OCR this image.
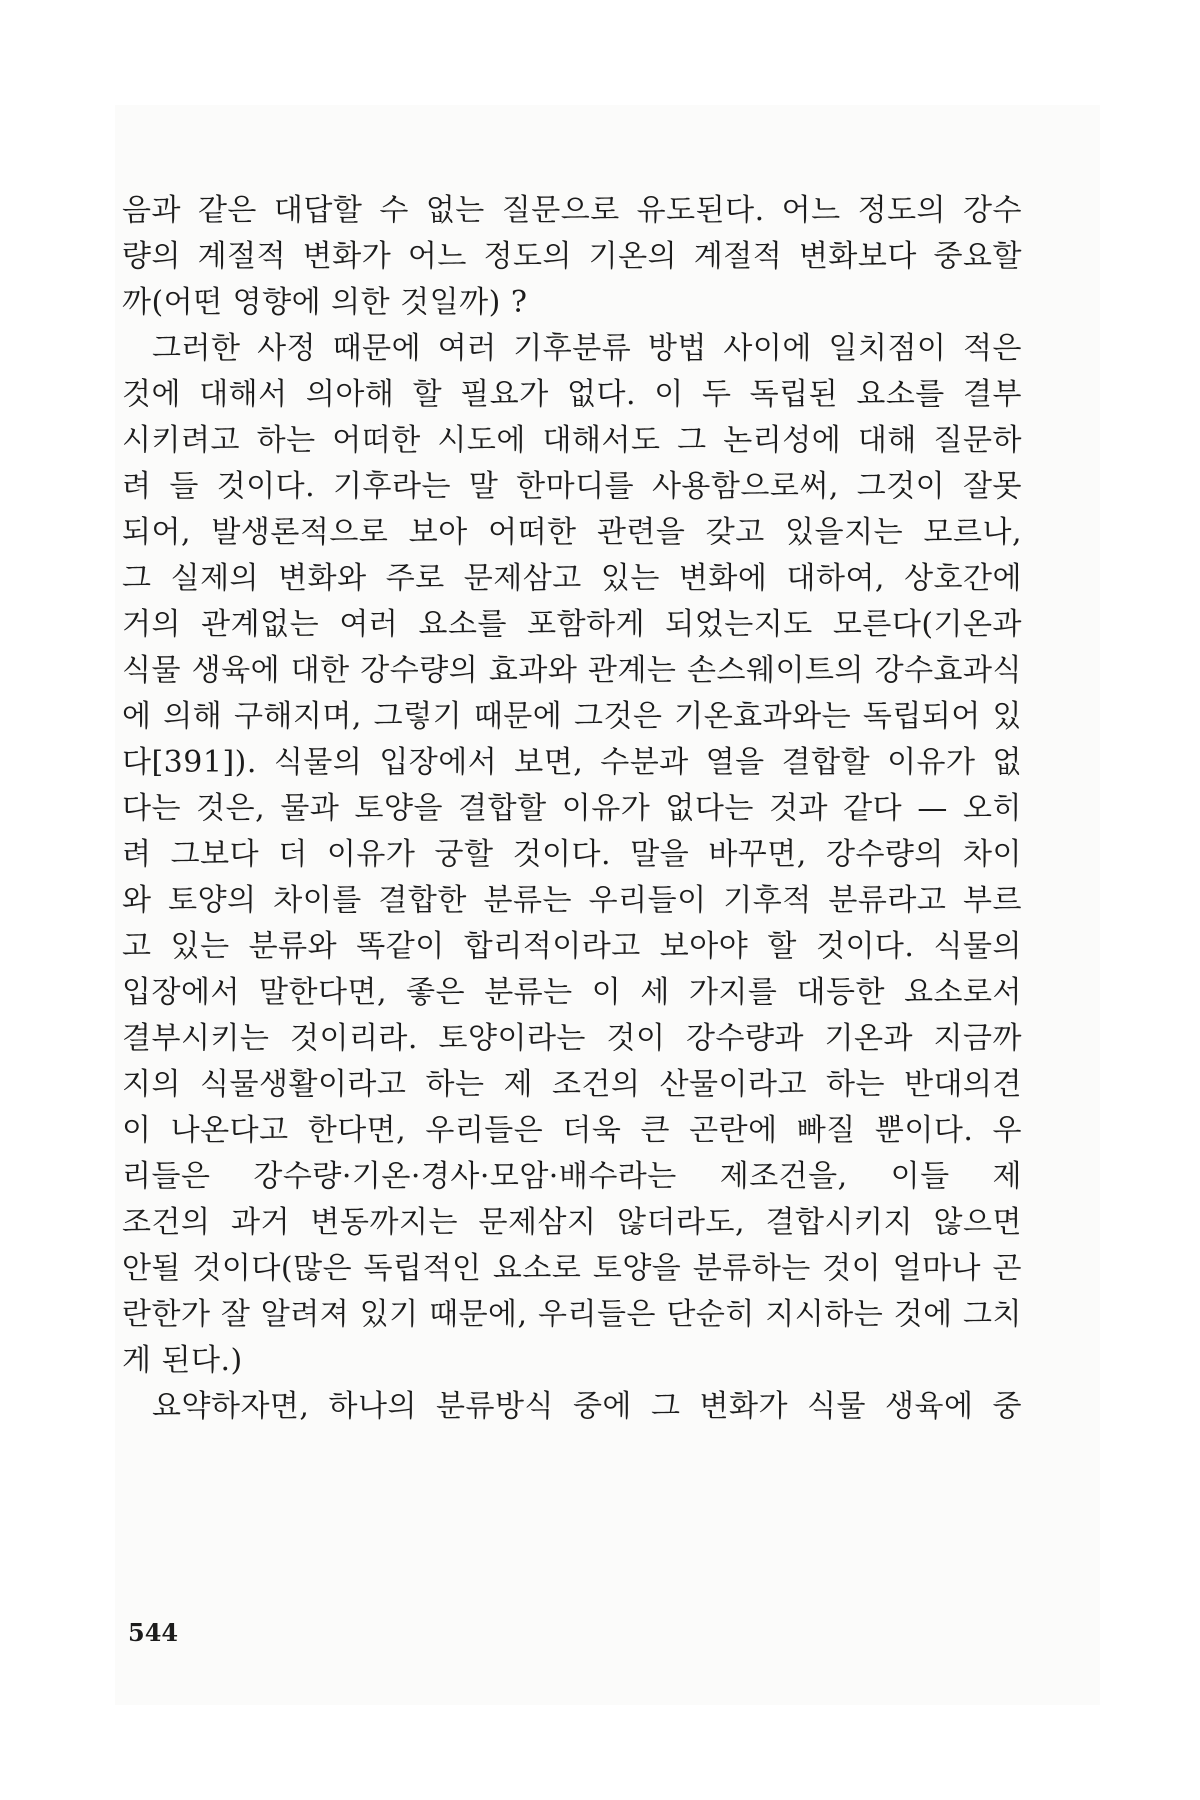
음과 같은 대답할 수 없는 질문으로 유도된다. 어느 정도의 강수
량의 계절적 변화가 어느 정도의 기온의 계절적 변화보다 중요할
까(어떤 영향에 의한 것일까) ?
그러한 사정 때문에 여러 기후분류 방법 사이에 일치점이 적은
것에 대해서 의아해 할 필요가 없다. 이 두 독립된 요소를 결부
시키려고 하는 어떠한 시도에 대해서도 그 논리성에 대해 질문하
려 들 것이다. 기후라는 말 한마디를 사용함으로써, 그것이 잘못
되어, 발생론적으로 보아 어떠한 관련을 갖고 있을지는 모르나,
그 실제의 변화와 주로 문제삼고 있는 변화에 대하여, 상호간에
거의 관계없는 여러 요소를 포함하게 되었는지도 모른다(기온과
식물 생육에 대한 강수량의 효과와 관계는 손스웨이트의 강수효과식
에 의해 구해지며, 그렇기 때문에 그것은 기온효과와는 독립되어 있
다[391]). 식물의 입장에서 보면, 수분과 열을 결합할 이유가 없
다는 것은, 물과 토양을 결합할 이유가 없다는 것과 같다 — 오히
려 그보다 더 이유가 궁할 것이다. 말을 바꾸면, 강수량의 차이
와 토양의 차이를 결합한 분류는 우리들이 기후적 분류라고 부르
고 있는 분류와 똑같이 합리적이라고 보아야 할 것이다. 식물의
입장에서 말한다면, 좋은 분류는 이 세 가지를 대등한 요소로서
결부시키는 것이리라. 토양이라는 것이 강수량과 기온과 지금까
지의 식물생활이라고 하는 제 조건의 산물이라고 하는 반대의견
이 나온다고 한다면, 우리들은 더욱 큰 곤란에 빠질 뿐이다. 우
리들은 강수량·기온·경사·모암·배수라는 제조건을, 이들 제
조건의 과거 변동까지는 문제삼지 않더라도, 결합시키지 않으면
안될 것이다(많은 독립적인 요소로 토양을 분류하는 것이 얼마나 곤
란한가 잘 알려져 있기 때문에, 우리들은 단순히 지시하는 것에 그치
게 된다.)
요약하자면, 하나의 분류방식 중에 그 변화가 식물 생육에 중
544
